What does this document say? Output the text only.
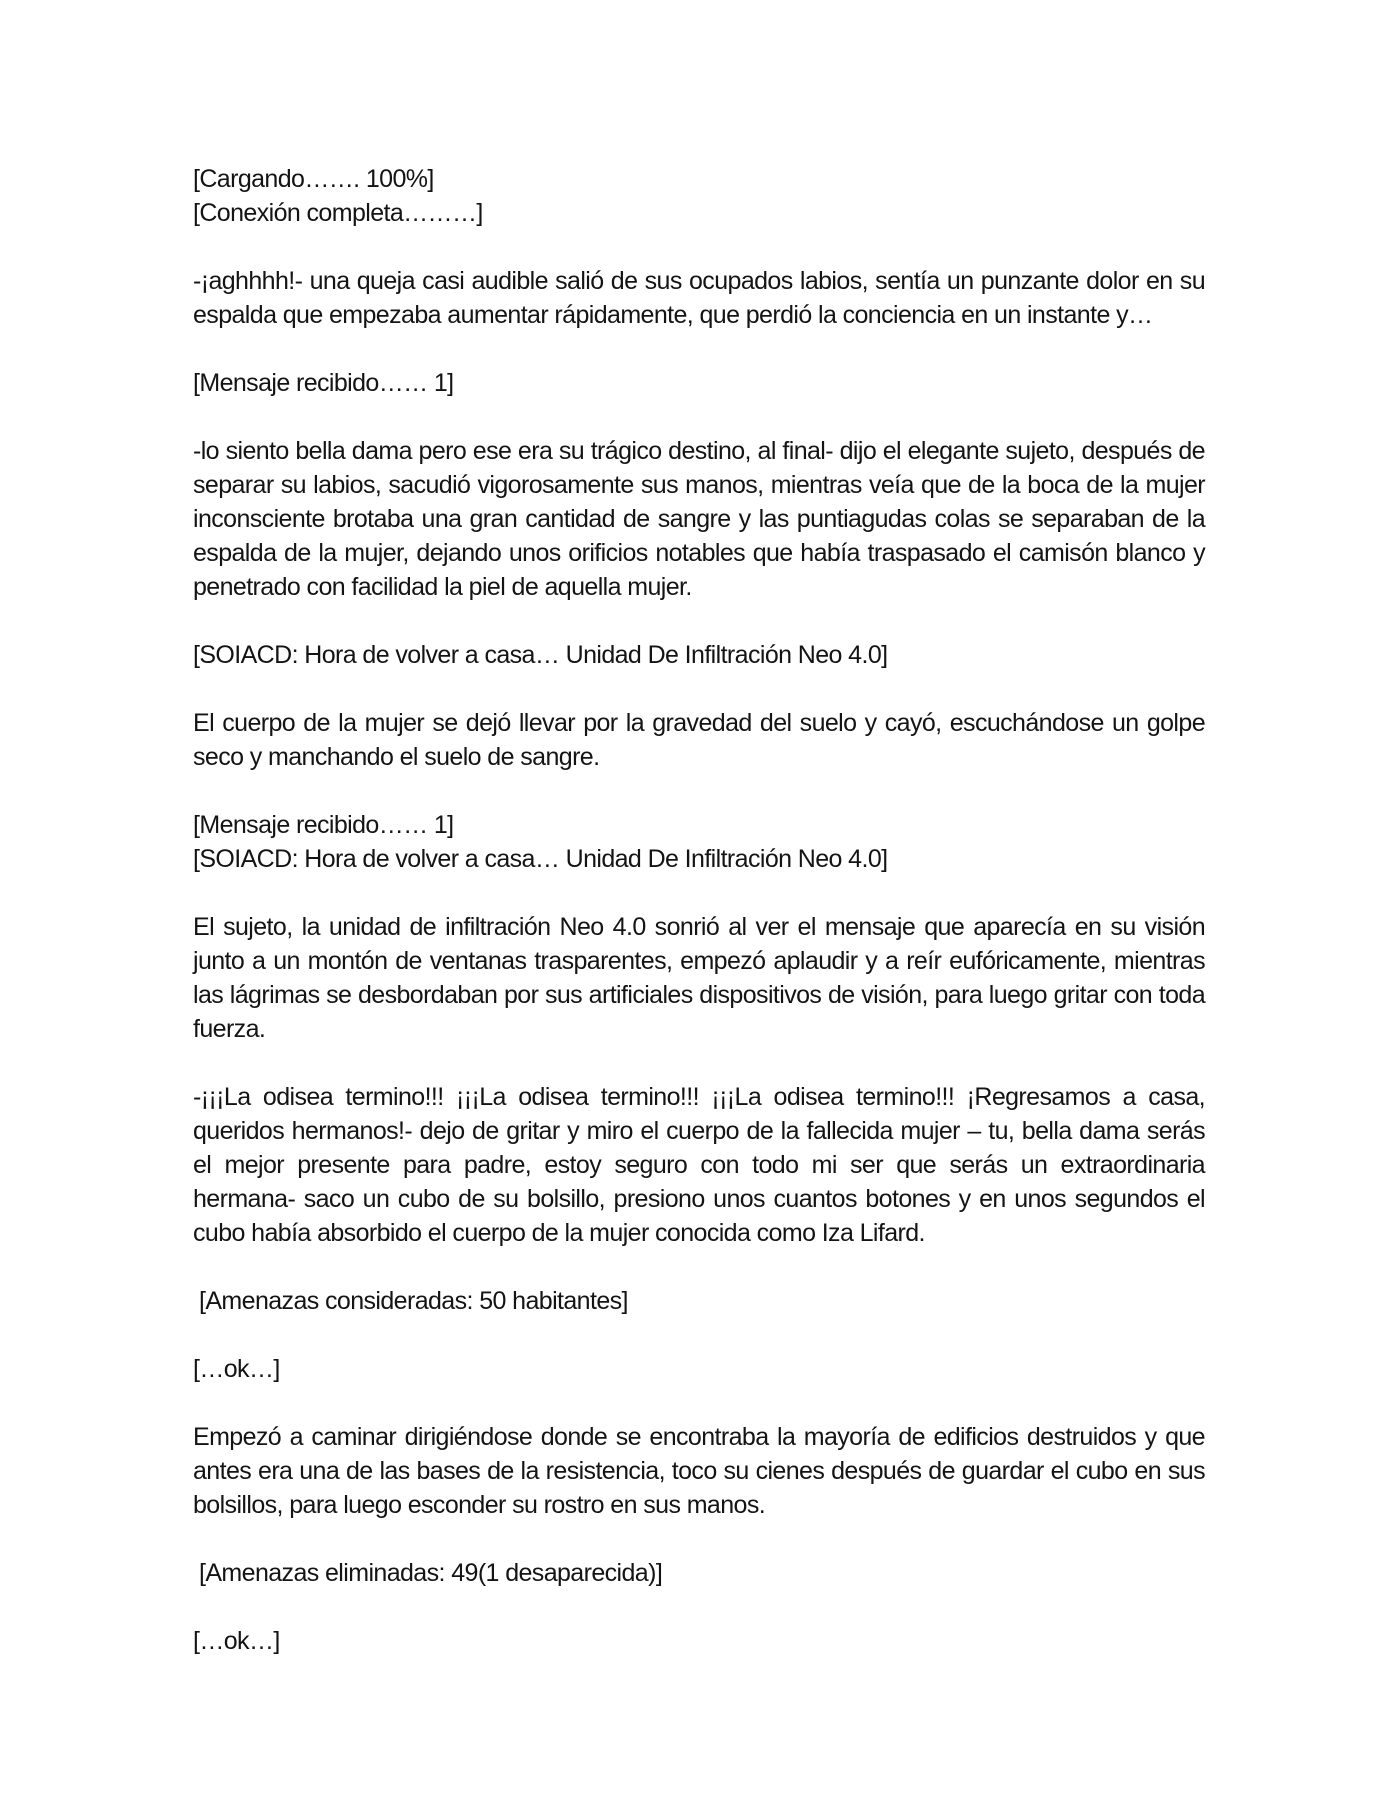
[Cargando……. 100%]
[Conexión completa………]

-¡aghhhh!- una queja casi audible salió de sus ocupados labios, sentía un punzante dolor en su espalda que empezaba aumentar rápidamente, que perdió la conciencia en un instante y…

[Mensaje recibido…… 1]

-lo siento bella dama pero ese era su trágico destino, al final- dijo el elegante sujeto, después de separar su labios, sacudió vigorosamente sus manos, mientras veía que de la boca de la mujer inconsciente brotaba una gran cantidad de sangre y las puntiagudas colas se separaban de la espalda de la mujer, dejando unos orificios notables que había traspasado el camisón blanco y penetrado con facilidad la piel de aquella mujer.

[SOIACD: Hora de volver a casa… Unidad De Infiltración Neo 4.0]

El cuerpo de la mujer se dejó llevar por la gravedad del suelo y cayó, escuchándose un golpe seco y manchando el suelo de sangre.

[Mensaje recibido…… 1]
[SOIACD: Hora de volver a casa… Unidad De Infiltración Neo 4.0]

El sujeto, la unidad de infiltración Neo 4.0 sonrió al ver el mensaje que aparecía en su visión junto a un montón de ventanas trasparentes, empezó aplaudir y a reír eufóricamente, mientras las lágrimas se desbordaban por sus artificiales dispositivos de visión, para luego gritar con toda fuerza.

-¡¡¡La odisea termino!!! ¡¡¡La odisea termino!!! ¡¡¡La odisea termino!!! ¡Regresamos a casa, queridos hermanos!- dejo de gritar y miro el cuerpo de la fallecida mujer – tu, bella dama serás el mejor presente para padre, estoy seguro con todo mi ser que serás un extraordinaria hermana- saco un cubo de su bolsillo, presiono unos cuantos botones y en unos segundos el cubo había absorbido el cuerpo de la mujer conocida como Iza Lifard.

[Amenazas consideradas: 50 habitantes]

[…ok…]

Empezó a caminar dirigiéndose donde se encontraba la mayoría de edificios destruidos y que antes era una de las bases de la resistencia, toco su cienes después de guardar el cubo en sus bolsillos, para luego esconder su rostro en sus manos.

[Amenazas eliminadas: 49(1 desaparecida)]

[…ok…]
